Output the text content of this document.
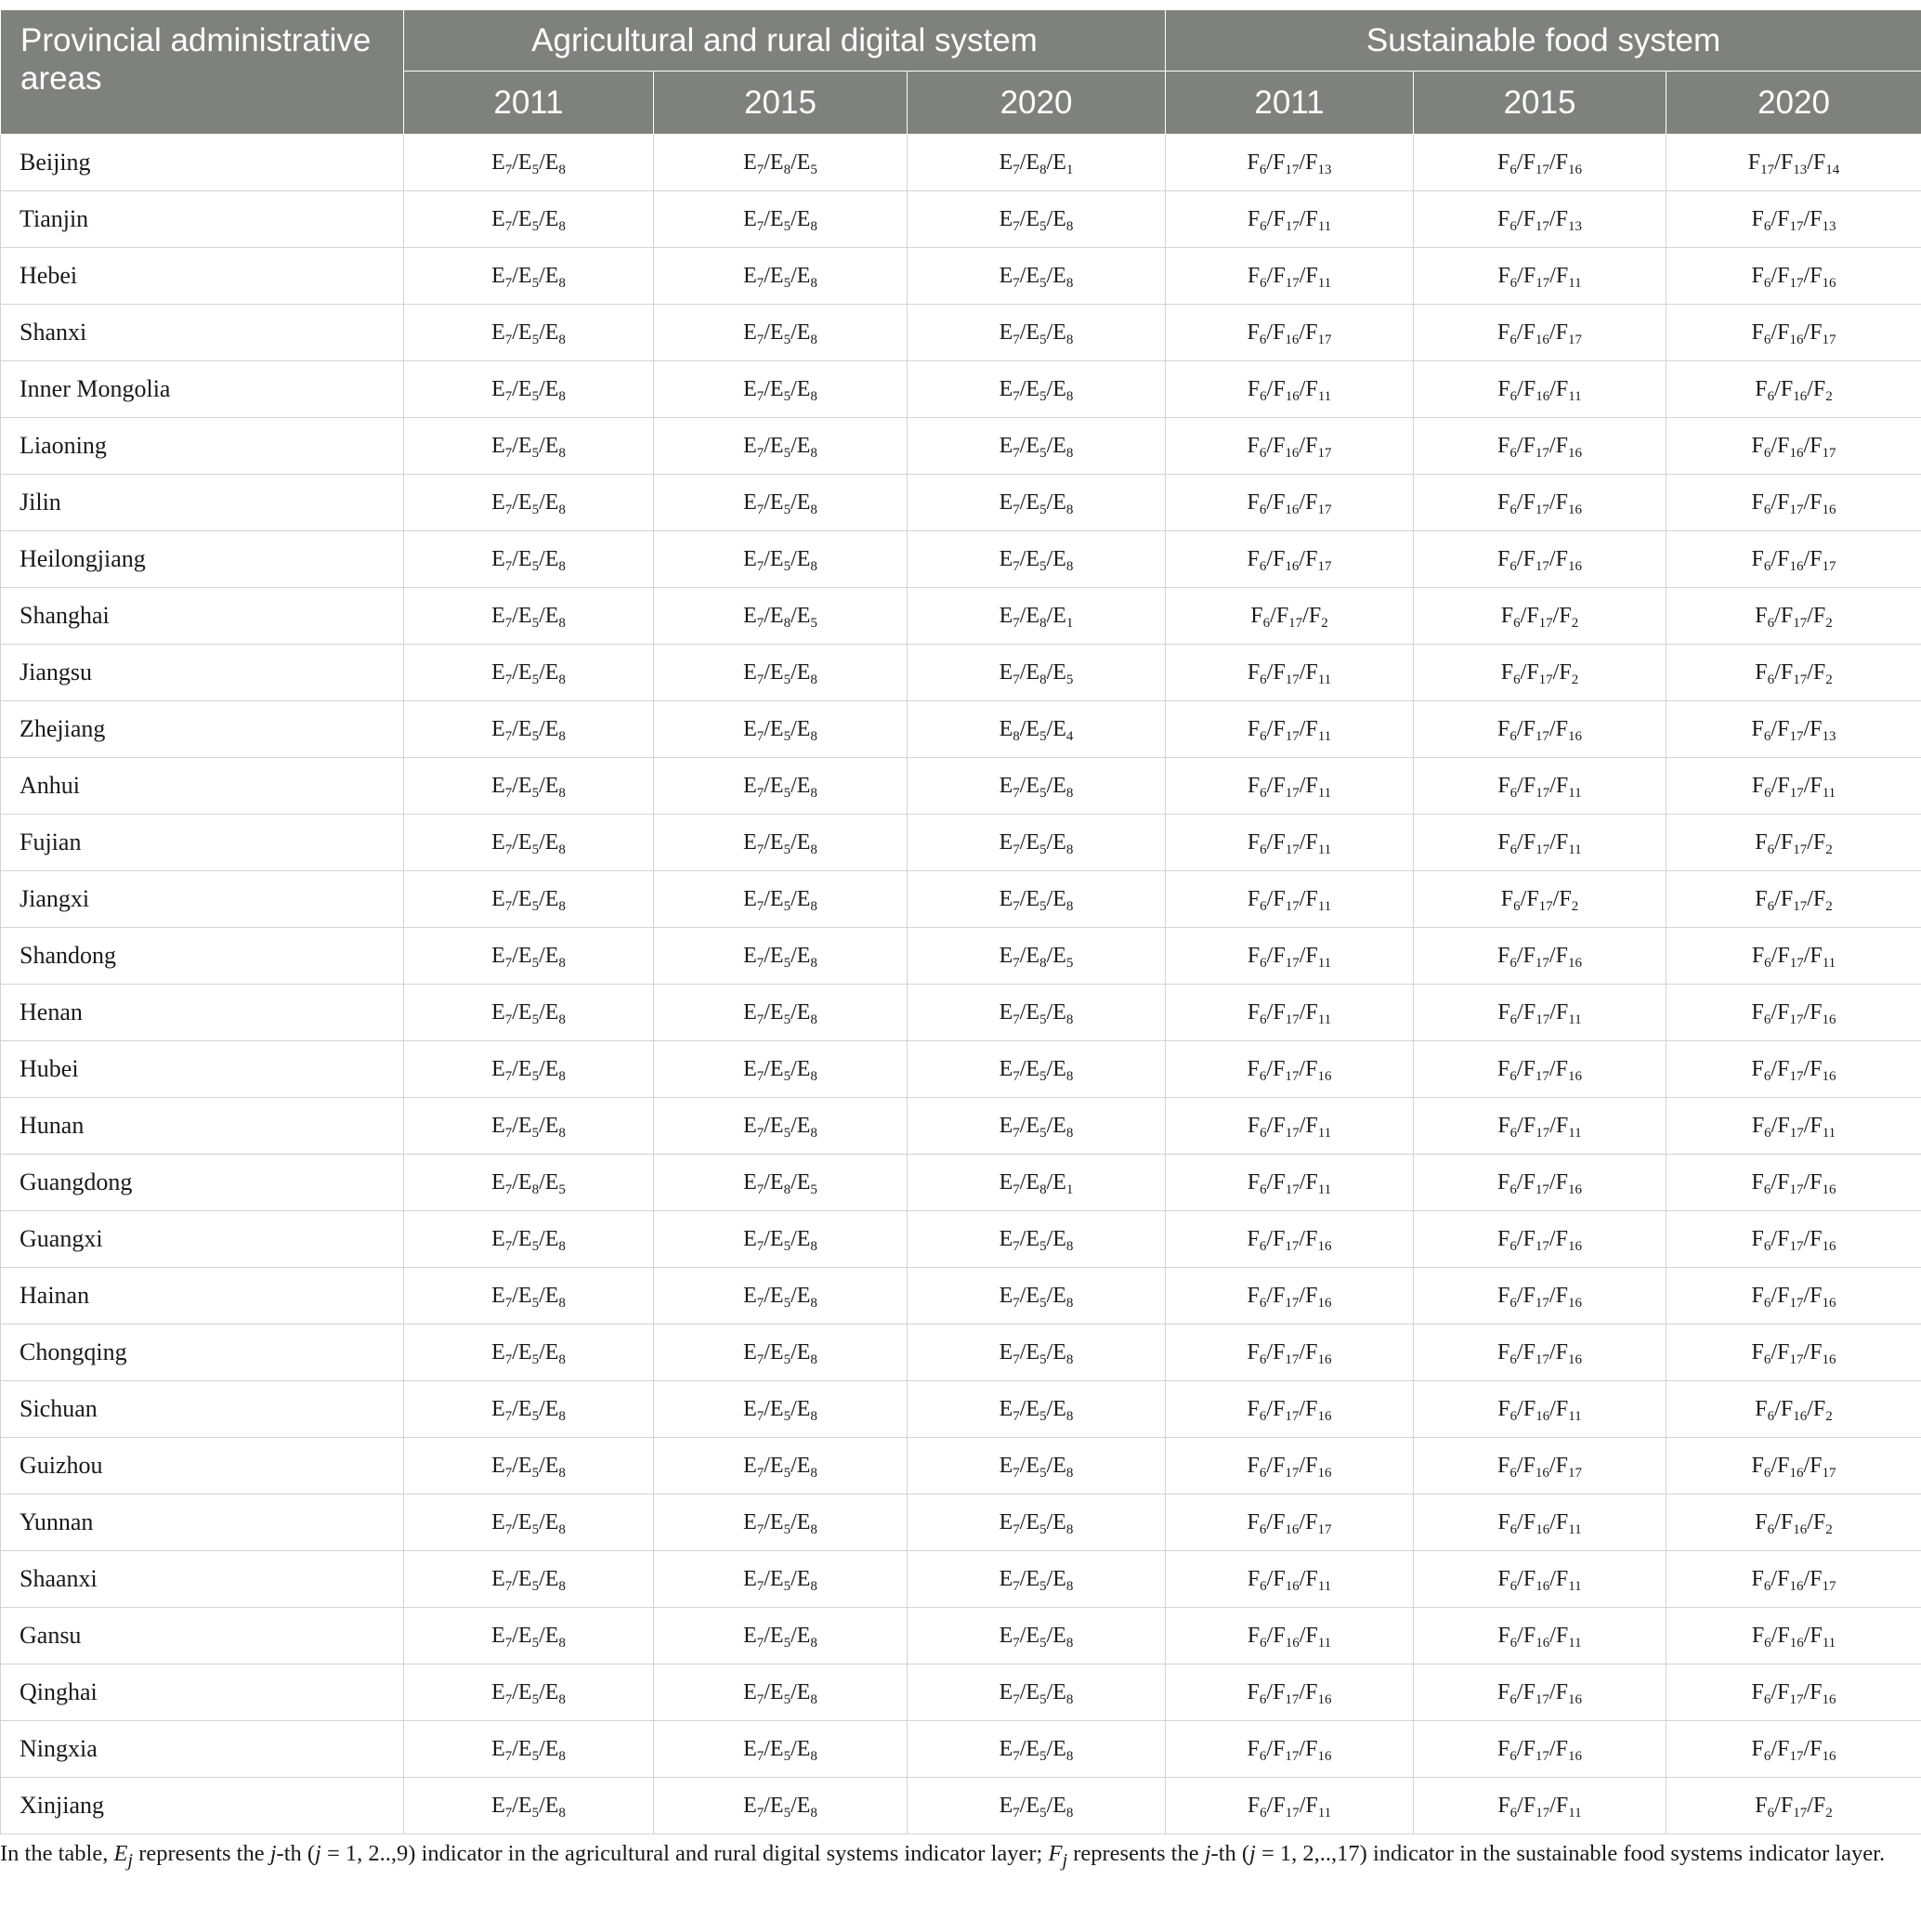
Provincial administrative areas	Agricultural and rural digital system			Sustainable food system		
	2011	2015	2020	2011	2015	2020
Beijing	$E_7/E_5/E_8$	$E_7/E_8/E_5$	$E_7/E_8/E_1$	$F_6/F_{17}/F_{13}$	$F_6/F_{17}/F_{16}$	$F_{17}/F_{13}/F_{14}$
Tianjin	$E_7/E_5/E_8$	$E_7/E_5/E_8$	$E_7/E_5/E_8$	$F_6/F_{17}/F_{11}$	$F_6/F_{17}/F_{13}$	$F_6/F_{17}/F_{13}$
Hebei	$E_7/E_5/E_8$	$E_7/E_5/E_8$	$E_7/E_5/E_8$	$F_6/F_{17}/F_{11}$	$F_6/F_{17}/F_{11}$	$F_6/F_{17}/F_{16}$
Shanxi	$E_7/E_5/E_8$	$E_7/E_5/E_8$	$E_7/E_5/E_8$	$F_6/F_{16}/F_{17}$	$F_6/F_{16}/F_{17}$	$F_6/F_{16}/F_{17}$
Inner Mongolia	$E_7/E_5/E_8$	$E_7/E_5/E_8$	$E_7/E_5/E_8$	$F_6/F_{16}/F_{11}$	$F_6/F_{16}/F_{11}$	$F_6/F_{16}/F_2$
Liaoning	$E_7/E_5/E_8$	$E_7/E_5/E_8$	$E_7/E_5/E_8$	$F_6/F_{16}/F_{17}$	$F_6/F_{17}/F_{16}$	$F_6/F_{16}/F_{17}$
Jilin	$E_7/E_5/E_8$	$E_7/E_5/E_8$	$E_7/E_5/E_8$	$F_6/F_{16}/F_{17}$	$F_6/F_{17}/F_{16}$	$F_6/F_{17}/F_{16}$
Heilongjiang	$E_7/E_5/E_8$	$E_7/E_5/E_8$	$E_7/E_5/E_8$	$F_6/F_{16}/F_{17}$	$F_6/F_{17}/F_{16}$	$F_6/F_{16}/F_{17}$
Shanghai	$E_7/E_5/E_8$	$E_7/E_8/E_5$	$E_7/E_8/E_1$	$F_6/F_{17}/F_2$	$F_6/F_{17}/F_2$	$F_6/F_{17}/F_2$
Jiangsu	$E_7/E_5/E_8$	$E_7/E_5/E_8$	$E_7/E_8/E_5$	$F_6/F_{17}/F_{11}$	$F_6/F_{17}/F_2$	$F_6/F_{17}/F_2$
Zhejiang	$E_7/E_5/E_8$	$E_7/E_5/E_8$	$E_8/E_5/E_4$	$F_6/F_{17}/F_{11}$	$F_6/F_{17}/F_{16}$	$F_6/F_{17}/F_{13}$
Anhui	$E_7/E_5/E_8$	$E_7/E_5/E_8$	$E_7/E_5/E_8$	$F_6/F_{17}/F_{11}$	$F_6/F_{17}/F_{11}$	$F_6/F_{17}/F_{11}$
Fujian	$E_7/E_5/E_8$	$E_7/E_5/E_8$	$E_7/E_5/E_8$	$F_6/F_{17}/F_{11}$	$F_6/F_{17}/F_{11}$	$F_6/F_{17}/F_2$
Jiangxi	$E_7/E_5/E_8$	$E_7/E_5/E_8$	$E_7/E_5/E_8$	$F_6/F_{17}/F_{11}$	$F_6/F_{17}/F_2$	$F_6/F_{17}/F_2$
Shandong	$E_7/E_5/E_8$	$E_7/E_5/E_8$	$E_7/E_8/E_5$	$F_6/F_{17}/F_{11}$	$F_6/F_{17}/F_{16}$	$F_6/F_{17}/F_{11}$
Henan	$E_7/E_5/E_8$	$E_7/E_5/E_8$	$E_7/E_5/E_8$	$F_6/F_{17}/F_{11}$	$F_6/F_{17}/F_{11}$	$F_6/F_{17}/F_{16}$
Hubei	$E_7/E_5/E_8$	$E_7/E_5/E_8$	$E_7/E_5/E_8$	$F_6/F_{17}/F_{16}$	$F_6/F_{17}/F_{16}$	$F_6/F_{17}/F_{16}$
Hunan	$E_7/E_5/E_8$	$E_7/E_5/E_8$	$E_7/E_5/E_8$	$F_6/F_{17}/F_{11}$	$F_6/F_{17}/F_{11}$	$F_6/F_{17}/F_{11}$
Guangdong	$E_7/E_8/E_5$	$E_7/E_8/E_5$	$E_7/E_8/E_1$	$F_6/F_{17}/F_{11}$	$F_6/F_{17}/F_{16}$	$F_6/F_{17}/F_{16}$
Guangxi	$E_7/E_5/E_8$	$E_7/E_5/E_8$	$E_7/E_5/E_8$	$F_6/F_{17}/F_{16}$	$F_6/F_{17}/F_{16}$	$F_6/F_{17}/F_{16}$
Hainan	$E_7/E_5/E_8$	$E_7/E_5/E_8$	$E_7/E_5/E_8$	$F_6/F_{17}/F_{16}$	$F_6/F_{17}/F_{16}$	$F_6/F_{17}/F_{16}$
Chongqing	$E_7/E_5/E_8$	$E_7/E_5/E_8$	$E_7/E_5/E_8$	$F_6/F_{17}/F_{16}$	$F_6/F_{17}/F_{16}$	$F_6/F_{17}/F_{16}$
Sichuan	$E_7/E_5/E_8$	$E_7/E_5/E_8$	$E_7/E_5/E_8$	$F_6/F_{17}/F_{16}$	$F_6/F_{16}/F_{11}$	$F_6/F_{16}/F_2$
Guizhou	$E_7/E_5/E_8$	$E_7/E_5/E_8$	$E_7/E_5/E_8$	$F_6/F_{17}/F_{16}$	$F_6/F_{16}/F_{17}$	$F_6/F_{16}/F_{17}$
Yunnan	$E_7/E_5/E_8$	$E_7/E_5/E_8$	$E_7/E_5/E_8$	$F_6/F_{16}/F_{17}$	$F_6/F_{16}/F_{11}$	$F_6/F_{16}/F_2$
Shaanxi	$E_7/E_5/E_8$	$E_7/E_5/E_8$	$E_7/E_5/E_8$	$F_6/F_{16}/F_{11}$	$F_6/F_{16}/F_{11}$	$F_6/F_{16}/F_{17}$
Gansu	$E_7/E_5/E_8$	$E_7/E_5/E_8$	$E_7/E_5/E_8$	$F_6/F_{16}/F_{11}$	$F_6/F_{16}/F_{11}$	$F_6/F_{16}/F_{11}$
Qinghai	$E_7/E_5/E_8$	$E_7/E_5/E_8$	$E_7/E_5/E_8$	$F_6/F_{17}/F_{16}$	$F_6/F_{17}/F_{16}$	$F_6/F_{17}/F_{16}$
Ningxia	$E_7/E_5/E_8$	$E_7/E_5/E_8$	$E_7/E_5/E_8$	$F_6/F_{17}/F_{16}$	$F_6/F_{17}/F_{16}$	$F_6/F_{17}/F_{16}$
Xinjiang	$E_7/E_5/E_8$	$E_7/E_5/E_8$	$E_7/E_5/E_8$	$F_6/F_{17}/F_{11}$	$F_6/F_{17}/F_{11}$	$F_6/F_{17}/F_2$

In the table, $E_j$ represents the j-th (j = 1, 2..,9) indicator in the agricultural and rural digital systems indicator layer; $F_j$ represents the j-th (j = 1, 2,..,17) indicator in the sustainable food systems indicator layer.
